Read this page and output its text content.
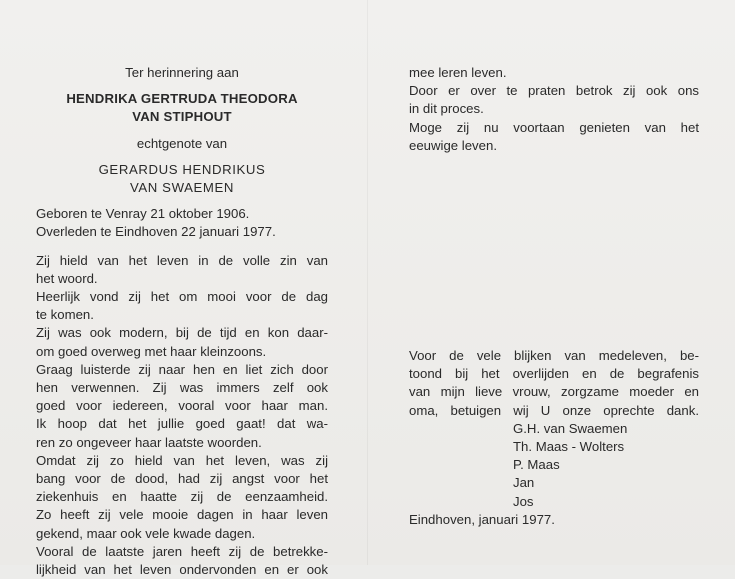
Ter herinnering aan
HENDRIKA GERTRUDA THEODORA
VAN STIPHOUT
echtgenote van
GERARDUS HENDRIKUS
VAN SWAEMEN
Geboren te Venray 21 oktober 1906.
Overleden te Eindhoven 22 januari 1977.
Zij hield van het leven in de volle zin van
het woord.
Heerlijk vond zij het om mooi voor de dag
te komen.
Zij was ook modern, bij de tijd en kon daar-
om goed overweg met haar kleinzoons.
Graag luisterde zij naar hen en liet zich door
hen verwennen. Zij was immers zelf ook
goed voor iedereen, vooral voor haar man.
Ik hoop dat het jullie goed gaat! dat wa-
ren zo ongeveer haar laatste woorden.
Omdat zij zo hield van het leven, was zij
bang voor de dood, had zij angst voor het
ziekenhuis en haatte zij de eenzaamheid.
Zo heeft zij vele mooie dagen in haar leven
gekend, maar ook vele kwade dagen.
Vooral de laatste jaren heeft zij de betrekke-
lijkheid van het leven ondervonden en er ook
mee leren leven.
Door er over te praten betrok zij ook ons
in dit proces.
Moge zij nu voortaan genieten van het
eeuwige leven.
Voor de vele blijken van medeleven, be-
toond bij het overlijden en de begrafenis
van mijn lieve vrouw, zorgzame moeder en
oma, betuigen wij U onze oprechte dank.
G.H. van Swaemen
Th. Maas - Wolters
P. Maas
Jan
Jos
Eindhoven, januari 1977.
